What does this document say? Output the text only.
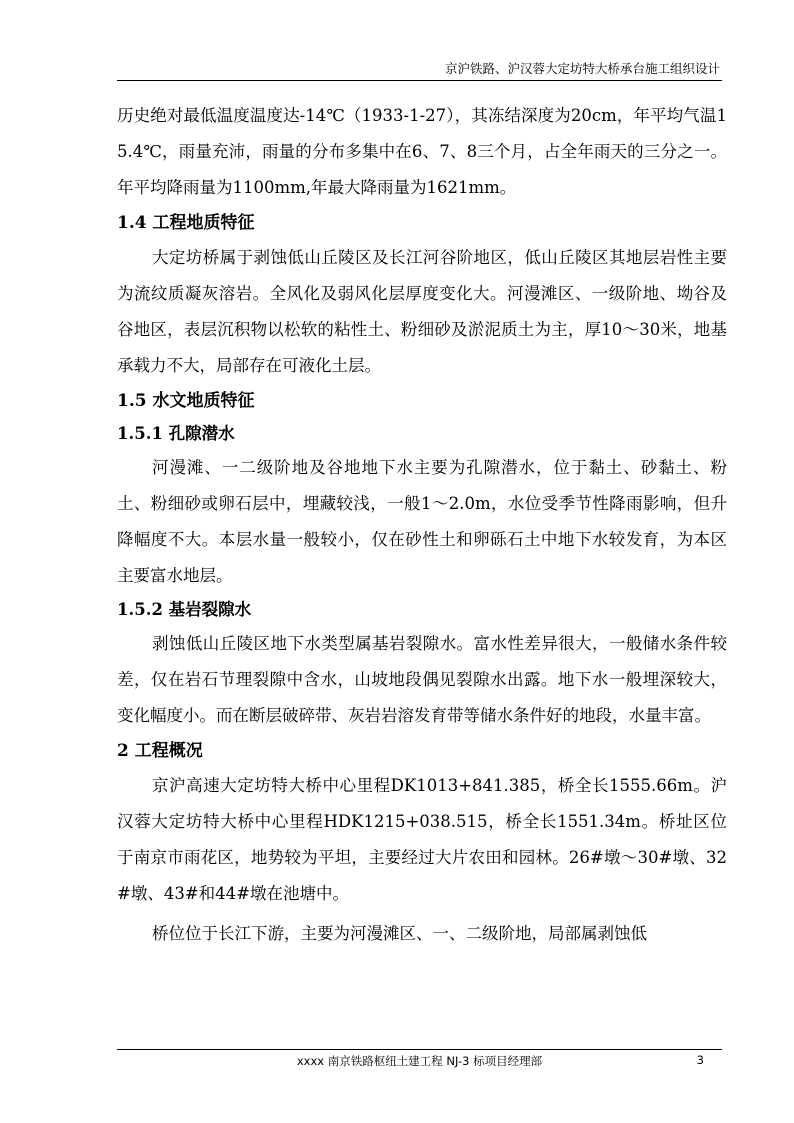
京沪铁路、沪汉蓉大定坊特大桥承台施工组织设计

历史绝对最低温度温度达-14℃（1933-1-27），其冻结深度为20cm，年平均气温15.4℃，雨量充沛，雨量的分布多集中在6、7、8三个月，占全年雨天的三分之一。年平均降雨量为1100mm,年最大降雨量为1621mm。

1.4 工程地质特征

大定坊桥属于剥蚀低山丘陵区及长江河谷阶地区，低山丘陵区其地层岩性主要为流纹质凝灰溶岩。全风化及弱风化层厚度变化大。河漫滩区、一级阶地、坳谷及谷地区，表层沉积物以松软的粘性土、粉细砂及淤泥质土为主，厚10～30米，地基承载力不大，局部存在可液化土层。

1.5 水文地质特征

1.5.1 孔隙潜水

河漫滩、一二级阶地及谷地地下水主要为孔隙潜水，位于黏土、砂黏土、粉土、粉细砂或卵石层中，埋藏较浅，一般1～2.0m，水位受季节性降雨影响，但升降幅度不大。本层水量一般较小，仅在砂性土和卵砾石土中地下水较发育，为本区主要富水地层。

1.5.2 基岩裂隙水

剥蚀低山丘陵区地下水类型属基岩裂隙水。富水性差异很大，一般储水条件较差，仅在岩石节理裂隙中含水，山坡地段偶见裂隙水出露。地下水一般埋深较大，变化幅度小。而在断层破碎带、灰岩岩溶发育带等储水条件好的地段，水量丰富。

2 工程概况

京沪高速大定坊特大桥中心里程DK1013+841.385，桥全长1555.66m。沪汉蓉大定坊特大桥中心里程HDK1215+038.515，桥全长1551.34m。桥址区位于南京市雨花区，地势较为平坦，主要经过大片农田和园林。26#墩～30#墩、32#墩、43#和44#墩在池塘中。

桥位位于长江下游，主要为河漫滩区、一、二级阶地，局部属剥蚀低

xxxx 南京铁路枢纽土建工程 NJ-3 标项目经理部	3
